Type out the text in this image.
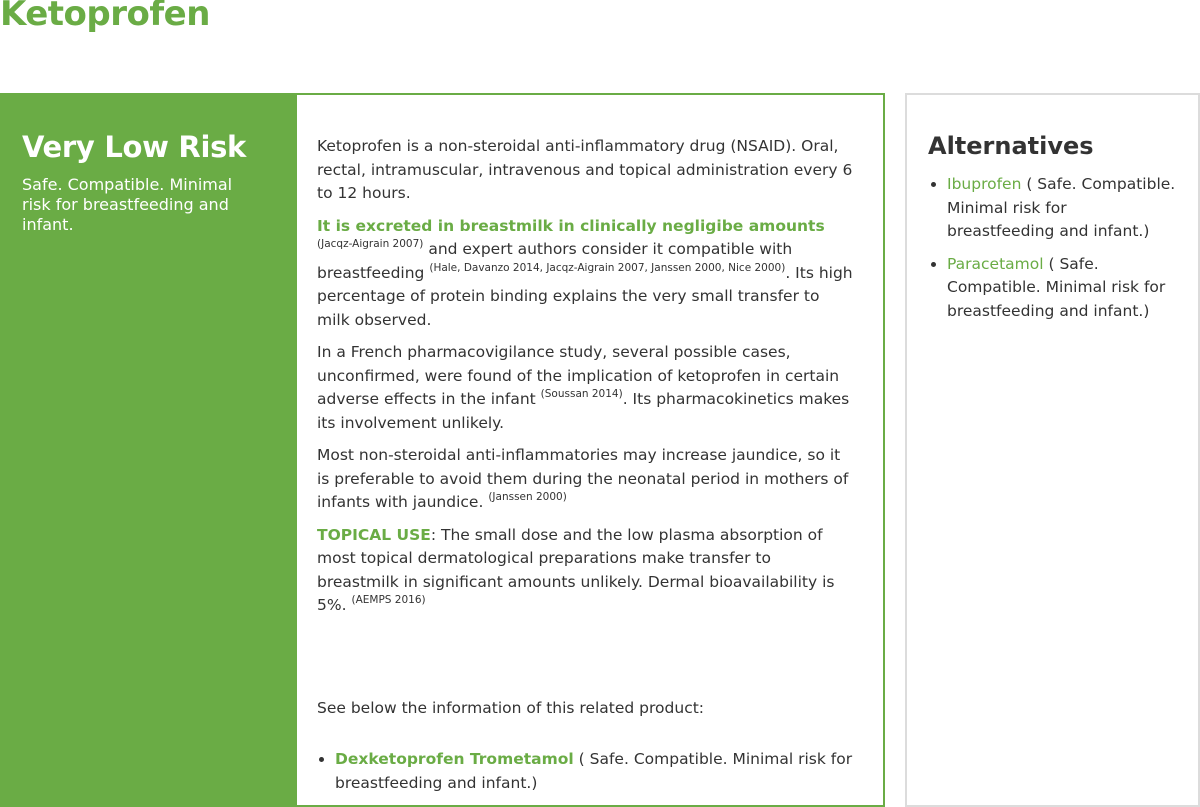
Ketoprofen
Very Low Risk

Safe. Compatible. Minimal risk for breastfeeding and infant.

Ketoprofen is a non-steroidal anti-inflammatory drug (NSAID). Oral, rectal, intramuscular, intravenous and topical administration every 6 to 12 hours.

It is excreted in breastmilk in clinically negligibe amounts $^{(Jacqz-Aigrain 2007)}$ and expert authors consider it compatible with breastfeeding $^{(Hale, Davanzo 2014, Jacqz-Aigrain 2007, Janssen 2000, Nice 2000)}$. Its high percentage of protein binding explains the very small transfer to milk observed.

In a French pharmacovigilance study, several possible cases, unconfirmed, were found of the implication of ketoprofen in certain adverse effects in the infant $^{(Soussan 2014)}$. Its pharmacokinetics makes its involvement unlikely.

Most non-steroidal anti-inflammatories may increase jaundice, so it is preferable to avoid them during the neonatal period in mothers of infants with jaundice. $^{(Janssen 2000)}$

TOPICAL USE: The small dose and the low plasma absorption of most topical dermatological preparations make transfer to breastmilk in significant amounts unlikely. Dermal bioavailability is 5%. $^{(AEMPS 2016)}$

See below the information of this related product:

• Dexketoprofen Trometamol ( Safe. Compatible. Minimal risk for breastfeeding and infant.)
Alternatives
• Ibuprofen ( Safe. Compatible. Minimal risk for breastfeeding and infant.)
• Paracetamol ( Safe. Compatible. Minimal risk for breastfeeding and infant.)
